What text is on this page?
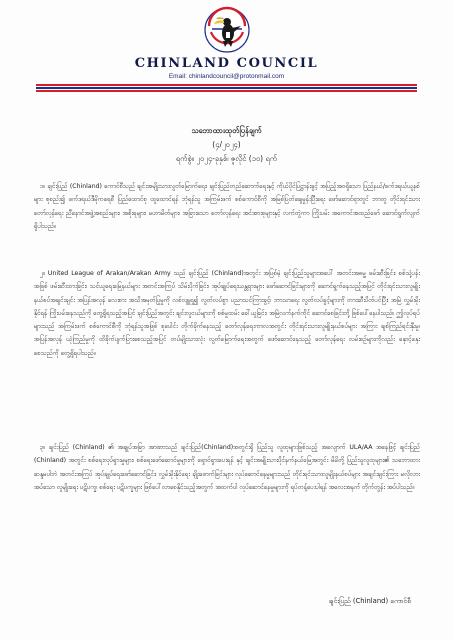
CHINLAND COUNCIL
Email: chinlandcouncil@protonmail.com
သဘောထားထုတ်ပြန်ချက်
(၄/၂၀၂၄)
ရက်စွဲ။ ၂၀၂၄-ခုနှစ်၊ ဇူလိုင် (၁၀) ရက်

၁။ ချင်းပြည် (Chinland) ကောင်စီသည် ချင်းအမျိုးသားလွတ်မြောက်ရေး၊ ချင်းပြည်တည်ဆောက်ရေးနှင့် ကိုယ်ပိုင်ပြဋ္ဌာန်းခွင့် အပြည့်အဝရှိသော ပြည်နယ်/ဖက်ဒရယ်ယူနစ်များ စုစည်း၍ ဖက်ဒရယ်ဒီမိုကရေစီ ပြည်ထောင်စု ထူထောင်ရန် ဘုံရန်သူ အကြမ်းဖက် စစ်ကောင်စီကို အမြစ်ပြတ်ချေမှုန်းပြီးရေး ဖော်ဆောင်ရာတွင် ဘာတူ တိုင်းရင်းသား တော်လှန်ရေး ညီနောင်အဖွဲ့အစည်းများ၊ အစိုးရများ၊ မဟာမိတ်များ၊ အခြားသော တော်လှန်ရေး အင်အားစုများနှင့် လက်တွဲကာ ကြိုးပမ်း အကောင်အထည်ဖော် ဆောင်ရွက်လျက် ရှိပါသည်။

၂။ United League of Arakan/Arakan Army သည် ချင်းပြည် (Chinland)အတွင်း အပြစ်မဲ့ ချင်းပြည်သူများအပေါ် အတင်းအဓမ္မ ဖမ်းဆီးခြင်း၊ စစ်သုံ့ပန်းအဖြစ် ဖမ်းဆီးထားခြင်း၊ သင်ယူရေးမြေနယ်များ အတင်းအကြပ် သိမ်းပိုက်ခြင်း၊ အုပ်ချုပ်ရေးယန္တရားများ ဖော်ဆောင်ခြင်းများကို ဆောင်ရွက်နေသည့်အပြင် တိုင်းရင်းသားလူမျိုးနယ်စပ်အချင်းချင်း အပြန်အလှန် လေးစား အသိအမှတ်ပြုမှုကို လစ်လျူရှု၍ လွတ်လပ်စွာ ပညာသင်ကြားခွင့်၊ ဘာသာရေး လွတ်လပ်ခွင့်များကို တားဆီးပိတ်ပင်ပြီး၊ အမြဲ လွှမ်းမိုးနိုင်ရန် ကြိုးပမ်းနေသည်ကို တွေ့ရှိရသည့်အပြင် ချင်းပြည်အတွင်း ချင်းလူငယ်များကို စစ်မှုထမ်း ခေါ်ယူခြင်း၊ အမြဲလက်နက်ကိုင် ဆောင်စေခြင်းတို့ ဖြစ်ပေါ်နေပါသည်။ ဤလုပ်ရပ်များသည် အကြမ်းဖက် စစ်ကောင်စီကို ဘုံရန်သူအဖြစ် စုပေါင်း တိုက်ခိုက်နေသည့် တော်လှန်ရေးကာလအတွင်း တိုင်းရင်းသားလူမျိုးနယ်စပ်များ အကြား ချစ်ကြည်ရင်းနှီးမှု၊ အပြန်အလှန် ယုံကြည်မှုကို ထိခိုက်ပျက်ပြားစေသည့်အပြင် တပ်မျိုးသားလုံး လွတ်မြောက်ရေးအတွက် ဖော်ဆောင်နေသည့် တော်လှန်ရေး လမ်းစဉ်များကိုလည်း နှောင့်နှေးစေသည်ကို တွေ့ရှိရပါသည်။

၃။ ချင်းပြည် (Chinland) ၏ အချုပ်အခြာ အာဏာသည် ချင်းပြည်(Chinland)အတွင်းရှိ ပြည်သူ လူထုများဖြစ်သည့် အလျောက် ULA/AA အနေဖြင့် ချင်းပြည် (Chinland) အတွင်း စစ်ရေးလုပ်ရှားမှုများ၊ စစ်ရေးဖော်ဆောင်မှုများကို ရှောင်ရှားပေးရန် နှင့် ချင်းအမျိုးသားပိုင်နက်နယ်မြေအတွင်း မိမိတို့ ပြည်သူလူထုများ၏ သဘောထား ဆန္ဒမပါဘဲ အတင်းအကြပ် အုပ်ချုပ်ရေးဖော်ဆောင်ခြင်း၊ လွှမ်းမိုးနိုင်ရေး ချိုးဖောက်ခြင်းများ လုပ်ဆောင်နေမှုများသည် တိုင်းရင်းသားလူမျိုးနယ်စပ်များ အချင်းချင်းကြား မလိုလားအပ်သော လူမျိုးရေး ပဋိပက္ခ၊ စစ်ရေး ပဋိပက္ခများ ဖြစ်ပေါ်လာစေနိုင်သည့်အတွက် အထက်ပါ လုပ်ဆောင်နေမှုများကို ရပ်တန့်ပေးပါရန် အလေးအနက် တိုက်တွန်း အပ်ပါသည်။

ချင်းပြည် (Chinland) ကောင်စီ
